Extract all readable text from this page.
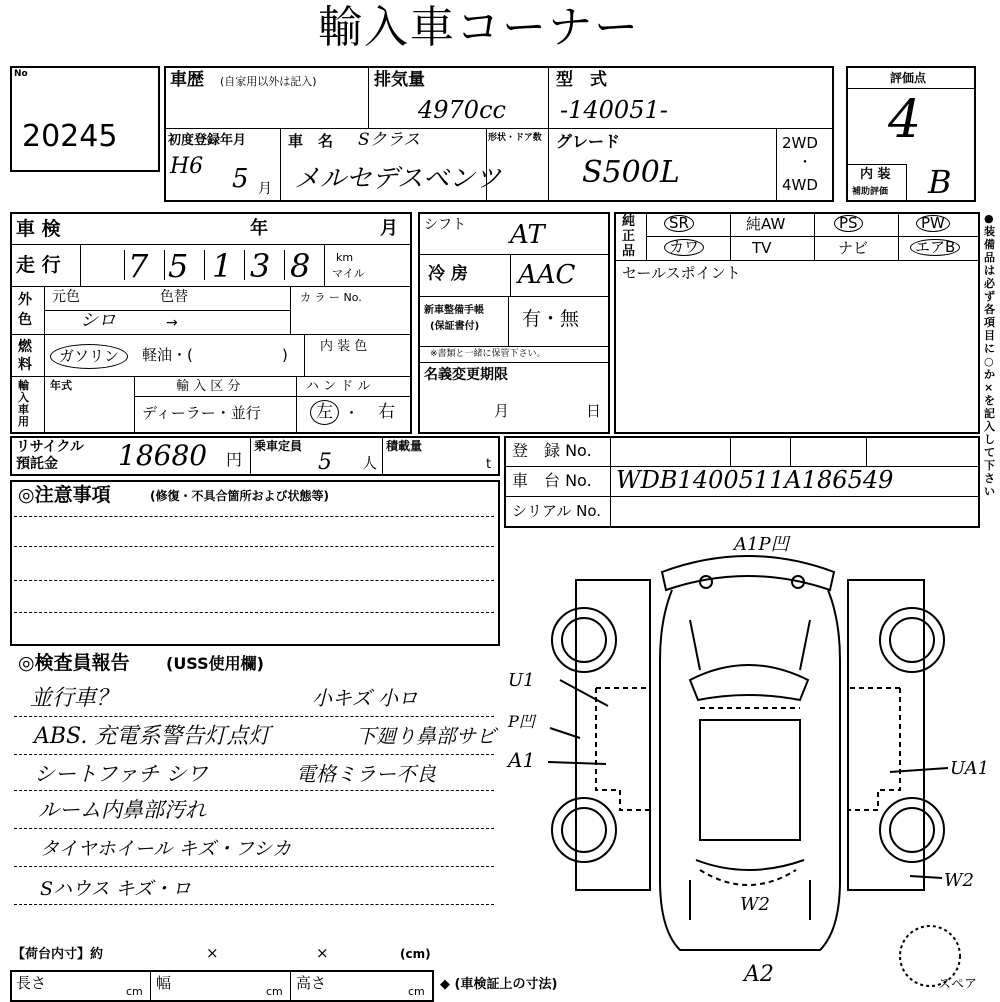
輸入車コーナー
No
20245
車歴 (自家用以外は記入)	排気量
4970cc
型　式
-140051-
初度登録年月
H6 5 月
車　名 Sクラス
メルセデスベンツ
形状・ドア数 グレード
S500L
2WD
・
4WD
評価点
4
内 装
補助評価 B
車 検	年	月
走 行 7 5 1 3 8 km
マイル
外色
元色	色替
シロ	→
カ ラ ー No.
燃料	ガソリン	軽油・(	) 内 装 色
輸入車用
年式	輸 入 区 分
ディーラー・並行
ハ ン ド ル
左 ・ 右
リサイクル
預託金 18680 円
乗車定員
5 人
積載量
t
シフト AT
冷 房 AAC
新車整備手帳
(保証書付) 有・無
※書類と一緒に保管下さい。
名義変更期限
月	日
純正品
SR	純AW	PS	PW
カワ	TV	ナビ	エアB
セールスポイント
●装備品は必ず各項目に○か×を記入して下さい
登　録 No.
車　台 No. WDB1400511A186549
シリアル No.
◎注意事項	(修復・不具合箇所および状態等)
◎検査員報告 (USS使用欄)
並行車？
ABS. 充電系警告灯点灯
シートファチ シワ
ルーム内鼻部汚れ
タイヤホイール キズ・フシカ
Sハウス キズ・ロ
小キズ 小ロ
下廻り鼻部サビ
電格ミラー不良
A1P凹
U1
P凹
A1	UA1
W2
W2
A2	スペア
【荷台内寸】約	×	×	(cm)
長さ	cm 幅	cm 高さ	cm ◆ (車検証上の寸法)
